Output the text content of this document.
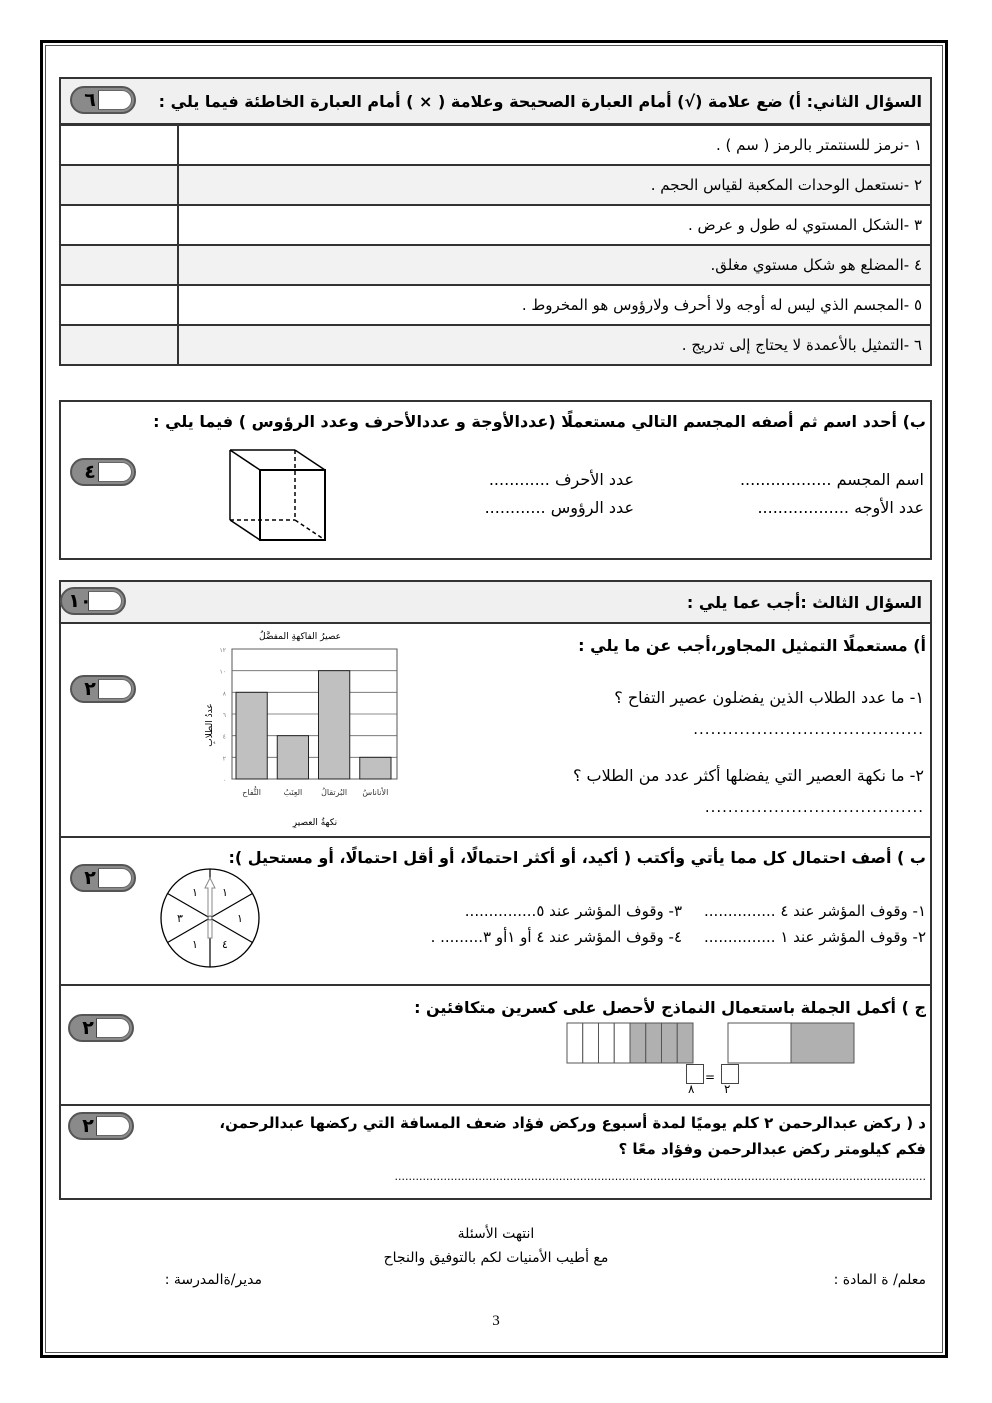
السؤال الثاني: أ) ضع علامة (√) أمام العبارة الصحيحة وعلامة ( × ) أمام العبارة الخاطئة فيما يلي :
٦
١ -نرمز للسنتمتر بالرمز ( سم ) .	
٢ -نستعمل الوحدات المكعبة لقياس الحجم .	
٣ -الشكل المستوي له طول و عرض .	
٤ -المضلع هو شكل مستوي مغلق.	
٥ -المجسم الذي ليس له أوجه ولا أحرف ولارؤوس هو المخروط .	
٦ -التمثيل بالأعمدة لا يحتاج إلى تدريج .	
ب) أحدد اسم ثم أصفه المجسم التالي مستعملًا (عددالأوجة و عددالأحرف وعدد الرؤوس ) فيما يلي :
٤	اسم المجسم ..................
عدد الأوجه ..................
عدد الأحرف ............
عدد الرؤوس ............
السؤال الثالث :أجب عما يلي :
١٠
أ) مستعملًا التمثيل المجاور،أجب عن ما يلي :
١- ما عدد الطلاب الذين يفضلون عصير التفاح ؟
........................................
٢- ما نكهة العصير التي يفضلها أكثر عدد من الطلاب ؟
......................................
٢
عصيرُ الفاكهةِ المفضَّلُ
٠
٢
٤
٦
٨
١٠
١٢
التُّفاح	العِنَبُ البُرتقالُ الأناناسُ
نكهةُ العصيرِ
عددُ الطلابِ
ب ) أصف احتمال كل مما يأتي وأكتب ( أكيد، أو أكثر احتمالًا، أو أقل احتمالًا، أو مستحيل ):
٢
١- وقوف المؤشر عند ٤ ...............
٣- وقوف المؤشر عند ٥...............
٢- وقوف المؤشر عند ١ ...............
٤- وقوف المؤشر عند ٤ أو ١أو ٣......... .
١
١
٤
١
٣
١
ج ) أكمل الجملة باستعمال النماذج لأحصل على كسرين متكافئين :
٢
=
٨ ٢
د ( ركض عبدالرحمن ٢ كلم يوميًا لمدة أسبوع وركض فؤاد ضعف المسافة التي ركضها عبدالرحمن،
فكم كيلومتر ركض عبدالرحمن وفؤاد معًا ؟
........................................................................................................................................................
٢
انتهت الأسئلة
مع أطيب الأمنيات لكم بالتوفيق والنجاح
معلم/ ة المادة :
مدير/ةالمدرسة :
3
